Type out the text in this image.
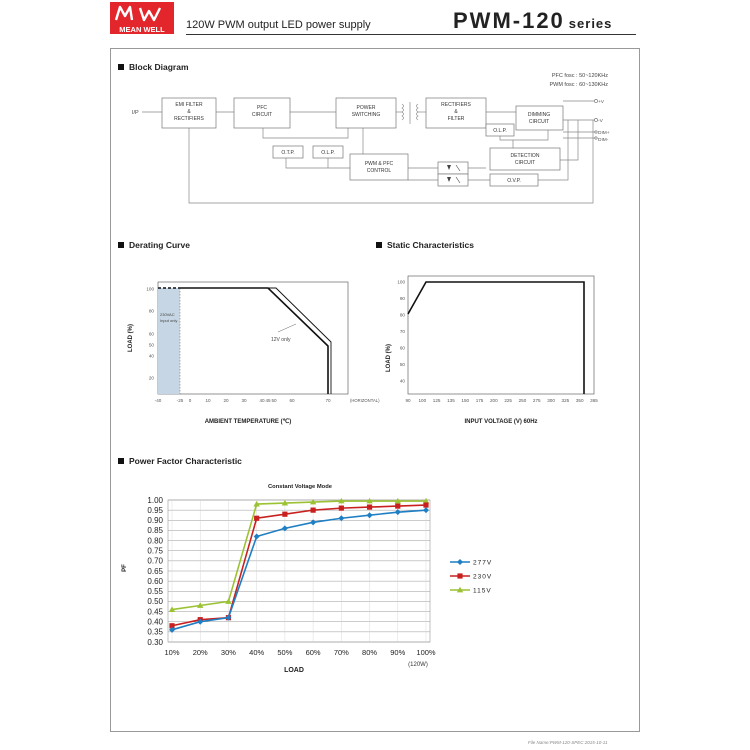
MEAN WELL 120W PWM output LED power supply	PWM-120 series
Block Diagram
PFC fosc : 50~120KHz
PWM fosc : 60~130KHz
I/P
EMI FILTER
&
RECTIFIERS
PFC
CIRCUIT
POWER
SWITCHING
RECTIFIERS
&
FILTER
DIMMING
CIRCUIT
O.L.P.
O.T.P.	O.L.P.
PWM & PFC
CONTROL
DETECTION
CIRCUIT
O.V.P.
+V
-V
DIM+
DIM-
Derating Curve
-40	-25 0	10	20	30	40 45 50	60	70
100
80
60
50
40
20
(HORIZONTAL)
230VAC
Input only
12V only
AMBIENT TEMPERATURE (℃)
LOAD (%)
Static Characteristics
90 100 125 135 150 175 200 225 250 275 300 325 350 365
100
90
80
70
60
50
40
INPUT VOLTAGE (V) 60Hz
LOAD (%)
Power Factor Characteristic
Constant Voltage Mode
0.30
0.35
0.40
0.45
0.50
0.55
0.60
0.65
0.70
0.75
0.80
0.85
0.90
0.95
1.00
10% 20% 30% 40% 50% 60% 70% 80% 90% 100%
277V
230V
115V
(120W)
LOAD
PF
File Name:PWM-120-SPEC 2015-10-11
